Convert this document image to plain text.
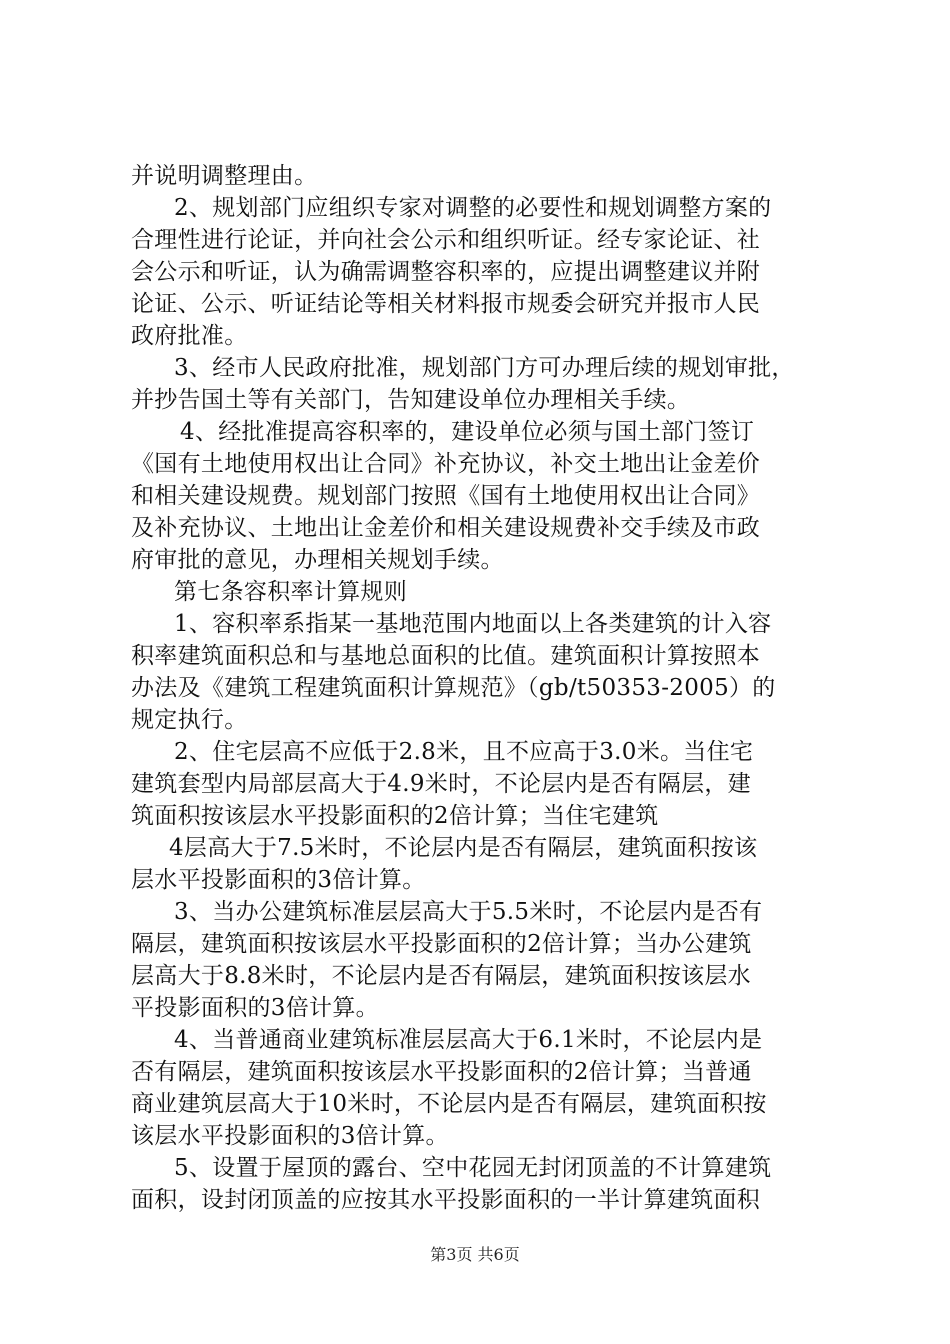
并说明调整理由。
2、规划部门应组织专家对调整的必要性和规划调整方案的
合理性进行论证，并向社会公示和组织听证。经专家论证、社
会公示和听证，认为确需调整容积率的，应提出调整建议并附
论证、公示、听证结论等相关材料报市规委会研究并报市人民
政府批准。
3、经市人民政府批准，规划部门方可办理后续的规划审批，
并抄告国土等有关部门，告知建设单位办理相关手续。
4、经批准提高容积率的，建设单位必须与国土部门签订
《国有土地使用权出让合同》补充协议，补交土地出让金差价
和相关建设规费。规划部门按照《国有土地使用权出让合同》
及补充协议、土地出让金差价和相关建设规费补交手续及市政
府审批的意见，办理相关规划手续。
第七条容积率计算规则
1、容积率系指某一基地范围内地面以上各类建筑的计入容
积率建筑面积总和与基地总面积的比值。建筑面积计算按照本
办法及《建筑工程建筑面积计算规范》（gb/t50353-2005）的
规定执行。
2、住宅层高不应低于2.8米，且不应高于3.0米。当住宅
建筑套型内局部层高大于4.9米时，不论层内是否有隔层，建
筑面积按该层水平投影面积的2倍计算；当住宅建筑
4层高大于7.5米时，不论层内是否有隔层，建筑面积按该
层水平投影面积的3倍计算。
3、当办公建筑标准层层高大于5.5米时，不论层内是否有
隔层，建筑面积按该层水平投影面积的2倍计算；当办公建筑
层高大于8.8米时，不论层内是否有隔层，建筑面积按该层水
平投影面积的3倍计算。
4、当普通商业建筑标准层层高大于6.1米时，不论层内是
否有隔层，建筑面积按该层水平投影面积的2倍计算；当普通
商业建筑层高大于10米时，不论层内是否有隔层，建筑面积按
该层水平投影面积的3倍计算。
5、设置于屋顶的露台、空中花园无封闭顶盖的不计算建筑
面积，设封闭顶盖的应按其水平投影面积的一半计算建筑面积
第3页 共6页
